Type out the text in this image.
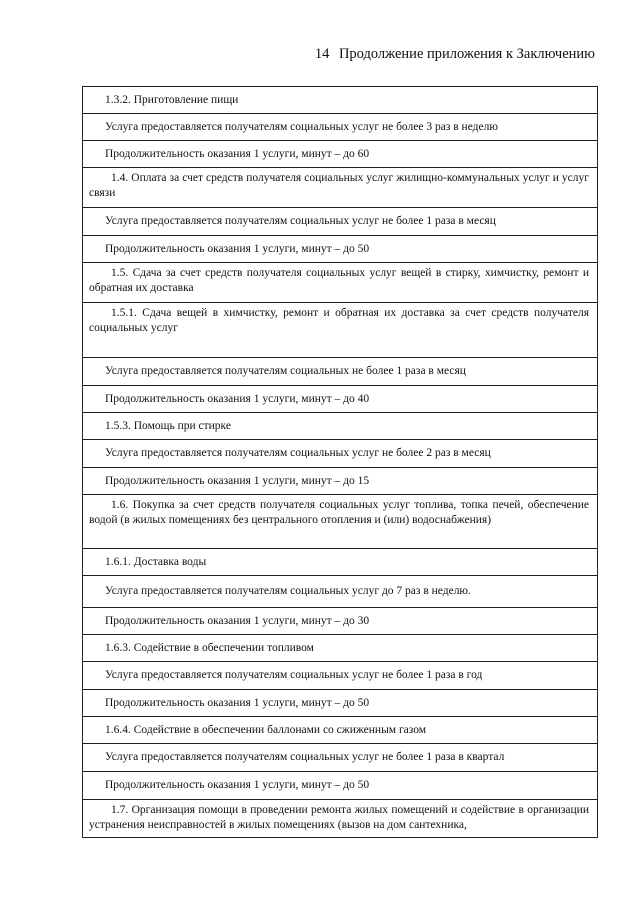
14 Продолжение приложения к Заключению
1.3.2. Приготовление пищи
Услуга предоставляется получателям социальных услуг не более 3 раз в неделю
Продолжительность оказания 1 услуги, минут – до 60
1.4. Оплата за счет средств получателя социальных услуг жилищно-коммунальных услуг и услуг связи
Услуга предоставляется получателям социальных услуг не более 1 раза в месяц
Продолжительность оказания 1 услуги, минут – до 50
1.5. Сдача за счет средств получателя социальных услуг вещей в стирку, химчистку, ремонт и обратная их доставка
1.5.1. Сдача вещей в химчистку, ремонт и обратная их доставка за счет средств получателя социальных услуг
Услуга предоставляется получателям социальных не более 1 раза в месяц
Продолжительность оказания 1 услуги, минут – до 40
1.5.3. Помощь при стирке
Услуга предоставляется получателям социальных услуг не более 2 раз в месяц
Продолжительность оказания 1 услуги, минут – до 15
1.6. Покупка за счет средств получателя социальных услуг топлива, топка печей, обеспечение водой (в жилых помещениях без центрального отопления и (или) водоснабжения)
1.6.1. Доставка воды
Услуга предоставляется получателям социальных услуг до 7 раз в неделю.
Продолжительность оказания 1 услуги, минут – до 30
1.6.3. Содействие в обеспечении топливом
Услуга предоставляется получателям социальных услуг не более 1 раза в год
Продолжительность оказания 1 услуги, минут – до 50
1.6.4. Содействие в обеспечении баллонами со сжиженным газом
Услуга предоставляется получателям социальных услуг не более 1 раза в квартал
Продолжительность оказания 1 услуги, минут – до 50
1.7. Организация помощи в проведении ремонта жилых помещений и содействие в организации устранения неисправностей в жилых помещениях (вызов на дом сантехника,
